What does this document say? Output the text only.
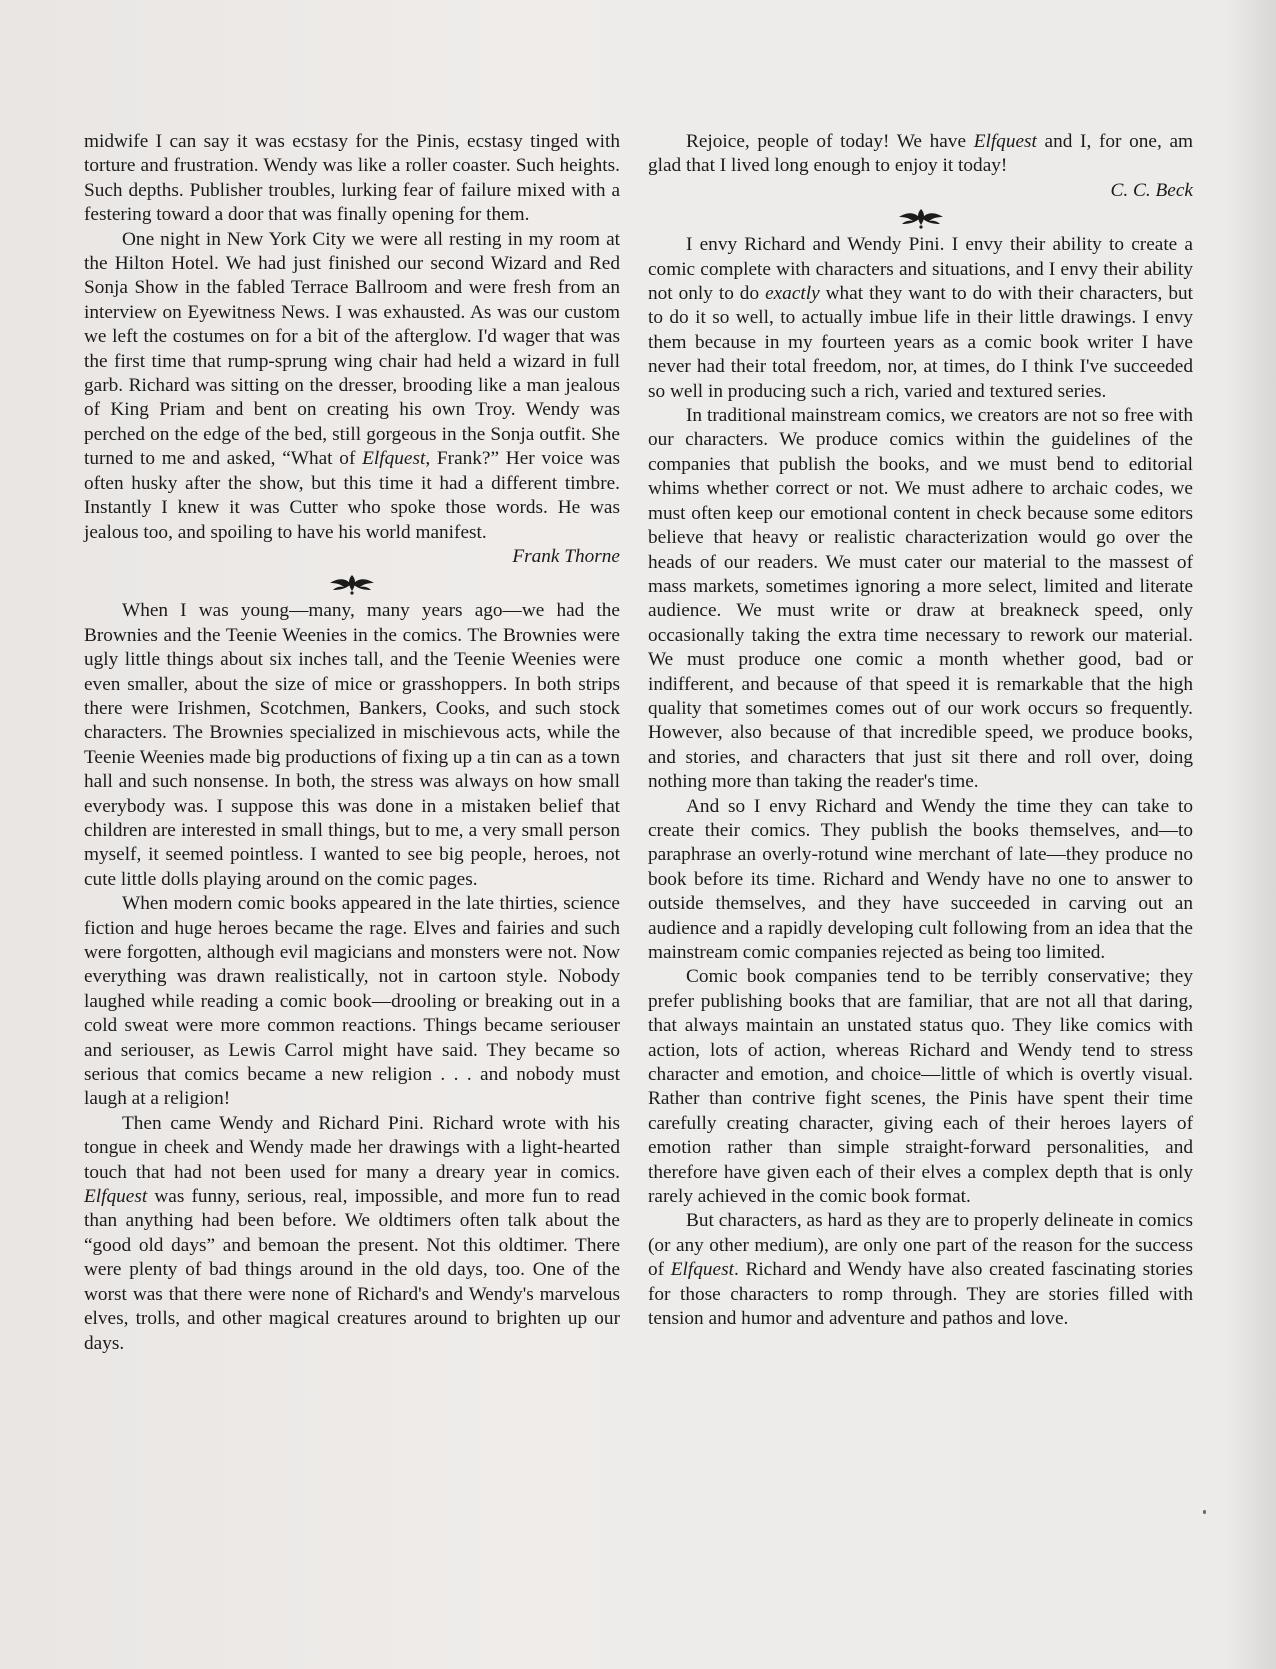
midwife I can say it was ecstasy for the Pinis, ecstasy tinged with torture and frustration. Wendy was like a roller coaster. Such heights. Such depths. Publisher troubles, lurking fear of failure mixed with a festering toward a door that was finally opening for them.

One night in New York City we were all resting in my room at the Hilton Hotel. We had just finished our second Wizard and Red Sonja Show in the fabled Terrace Ballroom and were fresh from an interview on Eyewitness News. I was exhausted. As was our custom we left the costumes on for a bit of the afterglow. I'd wager that was the first time that rump-sprung wing chair had held a wizard in full garb. Richard was sitting on the dresser, brooding like a man jealous of King Priam and bent on creating his own Troy. Wendy was perched on the edge of the bed, still gorgeous in the Sonja outfit. She turned to me and asked, “What of Elfquest, Frank?” Her voice was often husky after the show, but this time it had a different timbre. Instantly I knew it was Cutter who spoke those words. He was jealous too, and spoiling to have his world manifest.

Frank Thorne

When I was young—many, many years ago—we had the Brownies and the Teenie Weenies in the comics. The Brownies were ugly little things about six inches tall, and the Teenie Weenies were even smaller, about the size of mice or grasshoppers. In both strips there were Irishmen, Scotchmen, Bankers, Cooks, and such stock characters. The Brownies specialized in mischievous acts, while the Teenie Weenies made big productions of fixing up a tin can as a town hall and such nonsense. In both, the stress was always on how small everybody was. I suppose this was done in a mistaken belief that children are interested in small things, but to me, a very small person myself, it seemed pointless. I wanted to see big people, heroes, not cute little dolls playing around on the comic pages.

When modern comic books appeared in the late thirties, science fiction and huge heroes became the rage. Elves and fairies and such were forgotten, although evil magicians and monsters were not. Now everything was drawn realistically, not in cartoon style. Nobody laughed while reading a comic book—drooling or breaking out in a cold sweat were more common reactions. Things became seriouser and seriouser, as Lewis Carrol might have said. They became so serious that comics became a new religion . . . and nobody must laugh at a religion!

Then came Wendy and Richard Pini. Richard wrote with his tongue in cheek and Wendy made her drawings with a light-hearted touch that had not been used for many a dreary year in comics. Elfquest was funny, serious, real, impossible, and more fun to read than anything had been before. We oldtimers often talk about the “good old days” and bemoan the present. Not this oldtimer. There were plenty of bad things around in the old days, too. One of the worst was that there were none of Richard's and Wendy's marvelous elves, trolls, and other magical creatures around to brighten up our days.

Rejoice, people of today! We have Elfquest and I, for one, am glad that I lived long enough to enjoy it today!

C. C. Beck

I envy Richard and Wendy Pini. I envy their ability to create a comic complete with characters and situations, and I envy their ability not only to do exactly what they want to do with their characters, but to do it so well, to actually imbue life in their little drawings. I envy them because in my fourteen years as a comic book writer I have never had their total freedom, nor, at times, do I think I've succeeded so well in producing such a rich, varied and textured series.

In traditional mainstream comics, we creators are not so free with our characters. We produce comics within the guidelines of the companies that publish the books, and we must bend to editorial whims whether correct or not. We must adhere to archaic codes, we must often keep our emotional content in check because some editors believe that heavy or realistic characterization would go over the heads of our readers. We must cater our material to the massest of mass markets, sometimes ignoring a more select, limited and literate audience. We must write or draw at breakneck speed, only occasionally taking the extra time necessary to rework our material. We must produce one comic a month whether good, bad or indifferent, and because of that speed it is remarkable that the high quality that sometimes comes out of our work occurs so frequently. However, also because of that incredible speed, we produce books, and stories, and characters that just sit there and roll over, doing nothing more than taking the reader's time.

And so I envy Richard and Wendy the time they can take to create their comics. They publish the books themselves, and—to paraphrase an overly-rotund wine merchant of late—they produce no book before its time. Richard and Wendy have no one to answer to outside themselves, and they have succeeded in carving out an audience and a rapidly developing cult following from an idea that the mainstream comic companies rejected as being too limited.

Comic book companies tend to be terribly conservative; they prefer publishing books that are familiar, that are not all that daring, that always maintain an unstated status quo. They like comics with action, lots of action, whereas Richard and Wendy tend to stress character and emotion, and choice—little of which is overtly visual. Rather than contrive fight scenes, the Pinis have spent their time carefully creating character, giving each of their heroes layers of emotion rather than simple straight-forward personalities, and therefore have given each of their elves a complex depth that is only rarely achieved in the comic book format.

But characters, as hard as they are to properly delineate in comics (or any other medium), are only one part of the reason for the success of Elfquest. Richard and Wendy have also created fascinating stories for those characters to romp through. They are stories filled with tension and humor and adventure and pathos and love.
